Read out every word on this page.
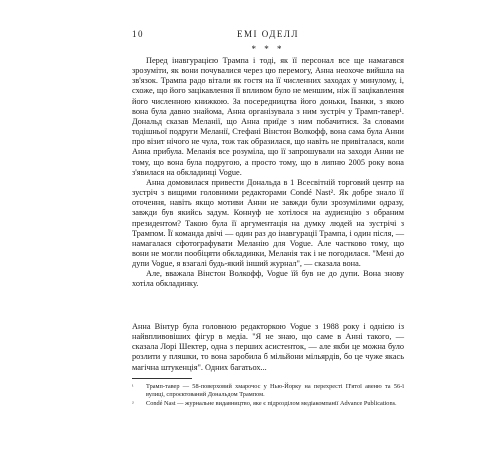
10	ЕМІ ОДЕЛЛ
* * *

Перед інавгурацією Трампа і тоді, як її персонал все ще намагався зрозуміти, як вони почувалися через цю перемогу, Анна неохоче вийшла на зв'язок. Трампа радо вітали як гостя на її численних заходах у минулому, і, схоже, що його зацікавлення її впливом було не меншим, ніж її зацікавлення його численною книжкою. За посередництва його доньки, Іванки, з якою вона була давно знайома, Анна організувала з ним зустріч у Трамп-тавер¹. Дональд сказав Меланії, що Анна приїде з ним побачитися. За словами тодішньої подруги Меланії, Стефані Вінстон Волкофф, вона сама була Анни про візит нічого не чула, тож так образилася, що навіть не привіталася, коли Анна прибула. Меланія все розуміла, що її запрошували на заходи Анни не тому, що вона була подругою, а просто тому, що в липню 2005 року вона з'явилася на обкладинці Vogue.

Анна домовилася привести Дональда в 1 Всесвітній торговий центр на зустріч з вищими головними редакторами Condé Nast². Як добре знало її оточення, навіть якщо мотиви Анни не завжди були зрозумілими одразу, завжди був якийсь задум. Коннуф не хотілося на аудиєнцію з обраним президентом? Такою була її аргументація на думку людей на зустрічі з Трампом. Її команда двічі — один раз до інавгурації Трампа, і один після, — намагалася сфотографувати Меланію для Vogue. Але частково тому, що вони не могли пообіцяти обкладинки, Меланія так і не погодилася. "Мені до дупи Vogue, я взагалі будь-який інший журнал", — сказала вона.

Але, вважала Вінстон Волкофф, Vogue їй був не до дупи. Вона знову хотіла обкладинку.

Анна Вінтур була головною редакторкою Vogue з 1988 року і однією із найвпливовіших фігур в медіа. "Я не знаю, що саме в Анні такого, — сказала Лорі Шектер, одна з перших асистенток, — але якби це можна було розлити у пляшки, то вона заробила б мільйони мільярдів, бо це чуже якась магічна штукенція". Одних багатьох...

¹ Трамп-тавер — 58-поверховий хмарочос у Нью-Йорку на перехресті П'ятої авеню та 56-ї вулиці, спроєктований Дональдом Трампом.
² Condé Nast — журнальне видавництво, яке є підрозділом медіакомпанії Advance Publications.
